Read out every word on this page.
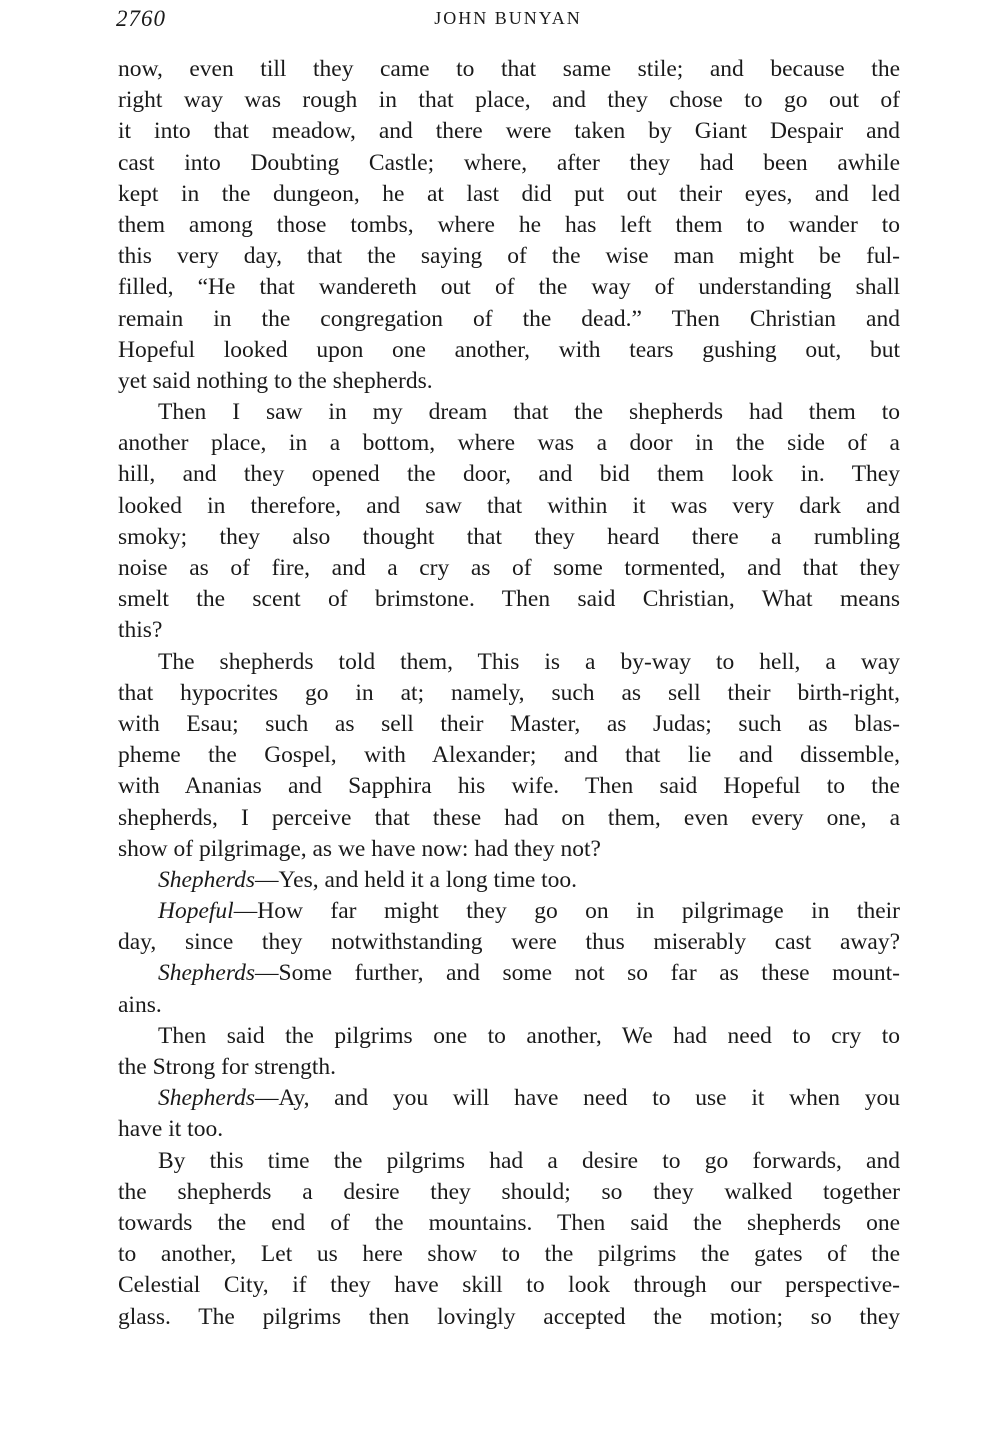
2760	JOHN BUNYAN
now, even till they came to that same stile; and because the
right way was rough in that place, and they chose to go out of
it into that meadow, and there were taken by Giant Despair and
cast into Doubting Castle; where, after they had been awhile
kept in the dungeon, he at last did put out their eyes, and led
them among those tombs, where he has left them to wander to
this very day, that the saying of the wise man might be ful-
filled, “He that wandereth out of the way of understanding shall
remain in the congregation of the dead.” Then Christian and
Hopeful looked upon one another, with tears gushing out, but
yet said nothing to the shepherds.
Then I saw in my dream that the shepherds had them to
another place, in a bottom, where was a door in the side of a
hill, and they opened the door, and bid them look in. They
looked in therefore, and saw that within it was very dark and
smoky; they also thought that they heard there a rumbling
noise as of fire, and a cry as of some tormented, and that they
smelt the scent of brimstone. Then said Christian, What means
this?
The shepherds told them, This is a by-way to hell, a way
that hypocrites go in at; namely, such as sell their birth-right,
with Esau; such as sell their Master, as Judas; such as blas-
pheme the Gospel, with Alexander; and that lie and dissemble,
with Ananias and Sapphira his wife. Then said Hopeful to the
shepherds, I perceive that these had on them, even every one, a
show of pilgrimage, as we have now: had they not?
Shepherds—Yes, and held it a long time too.
Hopeful—How far might they go on in pilgrimage in their
day, since they notwithstanding were thus miserably cast away?
Shepherds—Some further, and some not so far as these mount-
ains.
Then said the pilgrims one to another, We had need to cry to
the Strong for strength.
Shepherds—Ay, and you will have need to use it when you
have it too.
By this time the pilgrims had a desire to go forwards, and
the shepherds a desire they should; so they walked together
towards the end of the mountains. Then said the shepherds one
to another, Let us here show to the pilgrims the gates of the
Celestial City, if they have skill to look through our perspective-
glass. The pilgrims then lovingly accepted the motion; so they
